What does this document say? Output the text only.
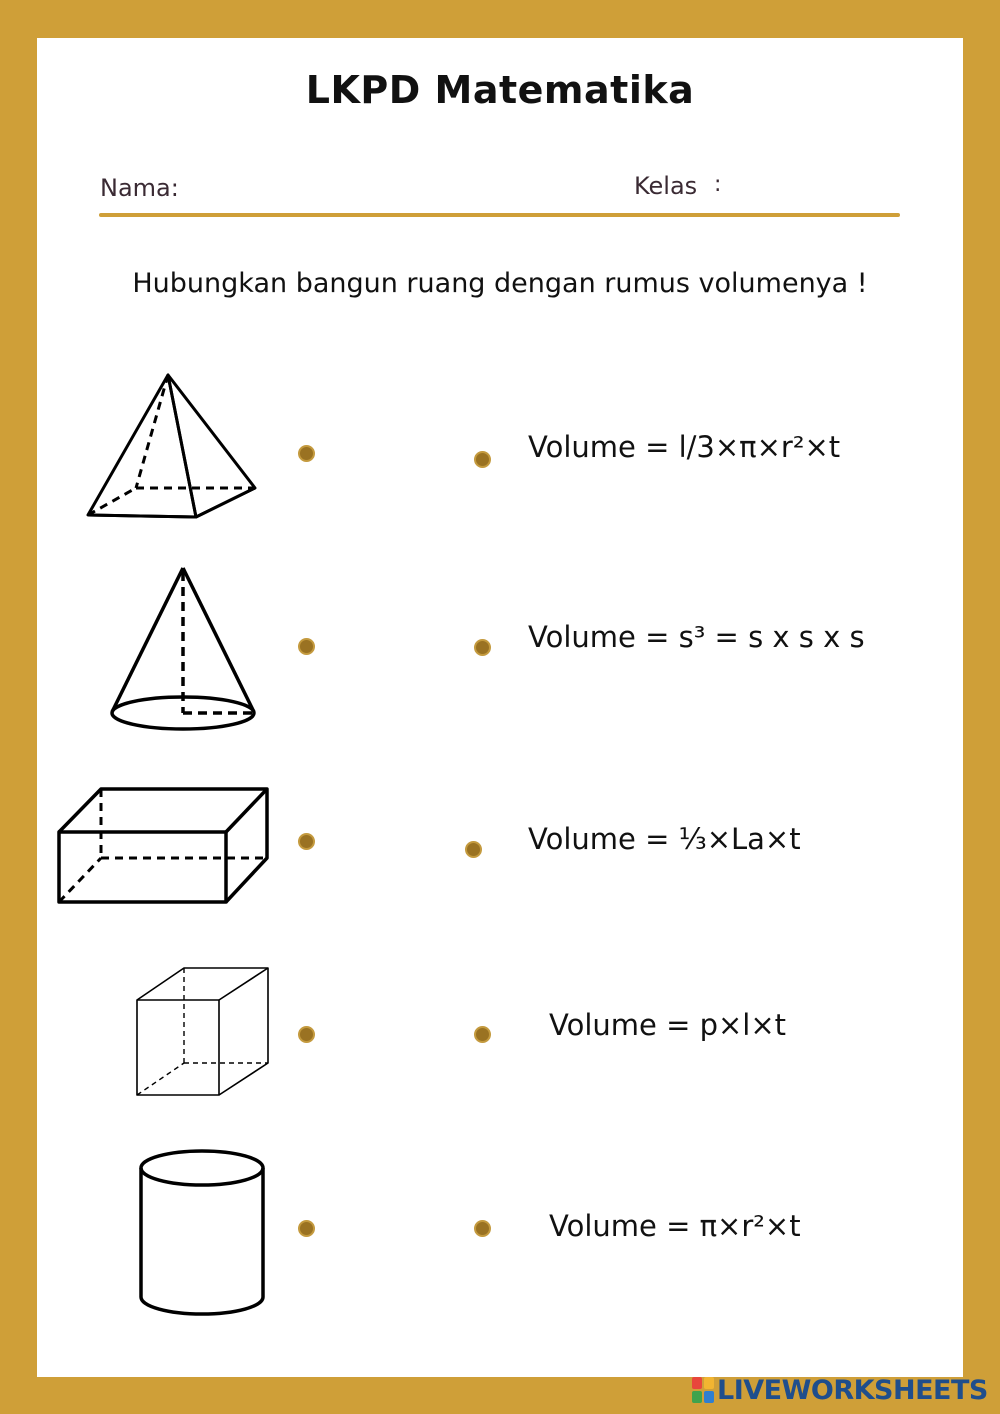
LKPD Matematika
Nama:	Kelas :
Hubungkan bangun ruang dengan rumus volumenya !
Volume = l/3×π×r²×t
Volume = s³ = s x s x s
Volume = ⅓×La×t
Volume = p×l×t
Volume = π×r²×t
LIVEWORKSHEETS
